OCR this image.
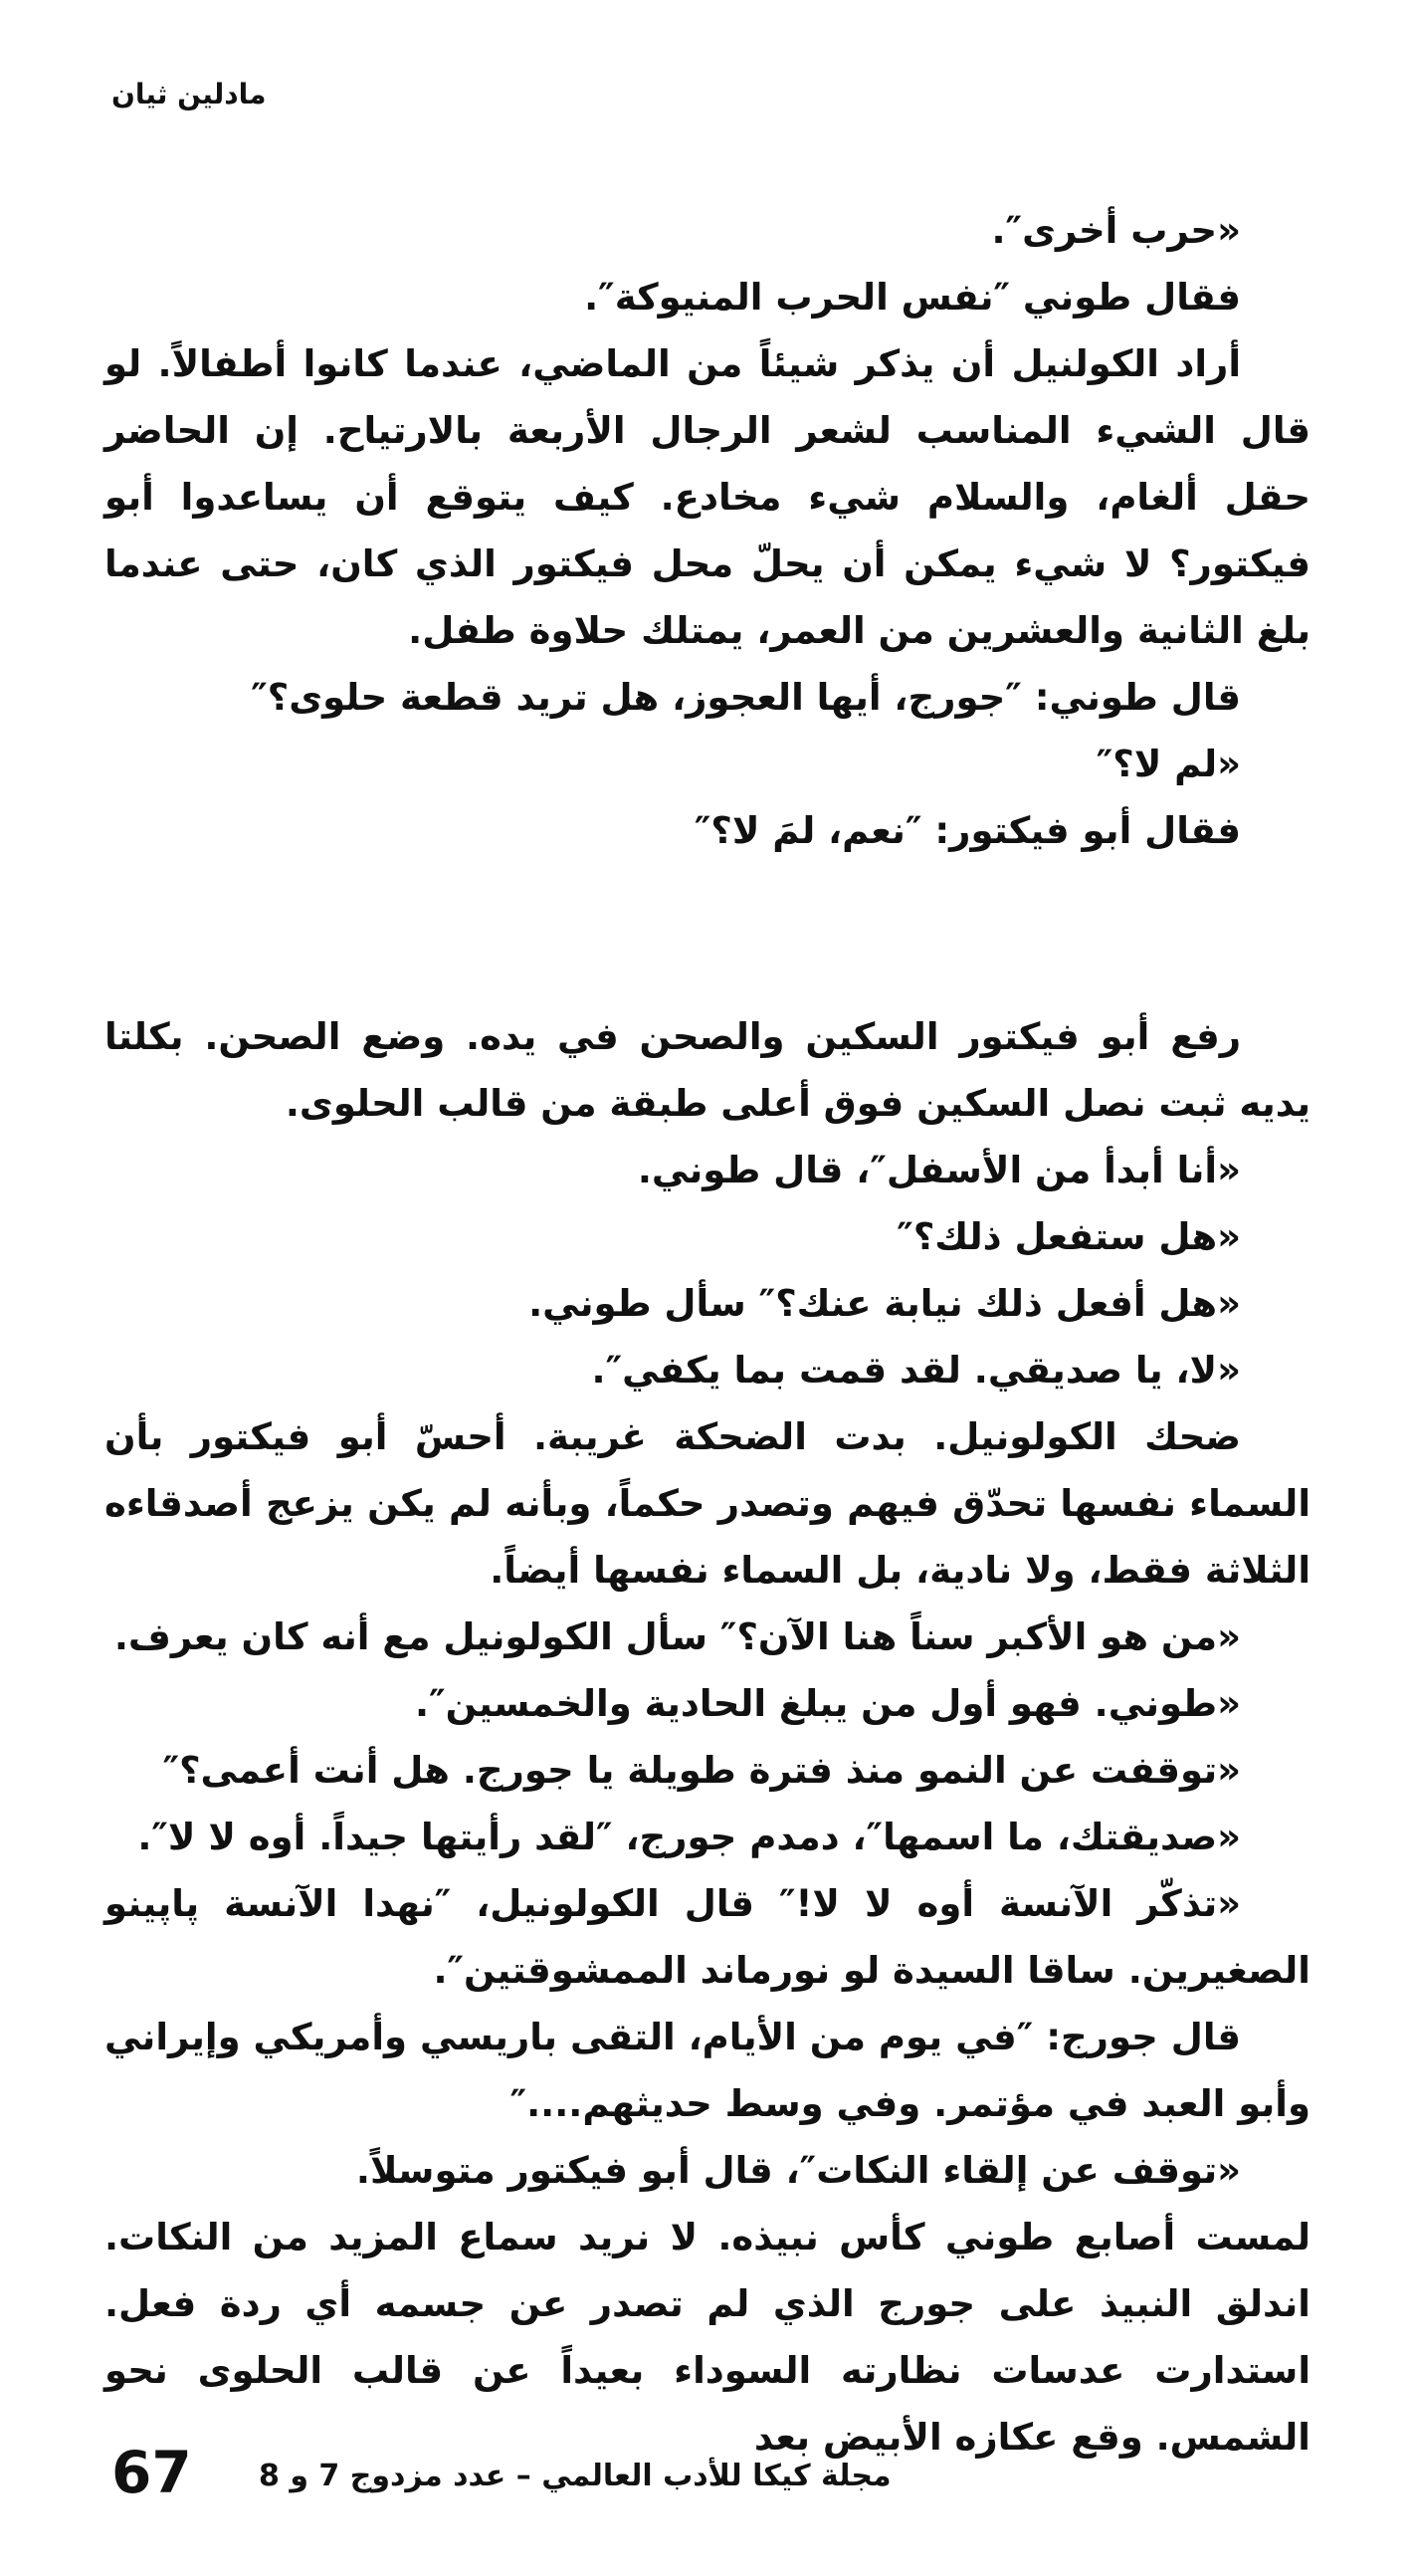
مادلين ثيان

«حرب أخرى″.

فقال طوني ″نفس الحرب المنيوكة″.

أراد الكولنيل أن يذكر شيئاً من الماضي، عندما كانوا أطفالاً. لو قال الشيء المناسب لشعر الرجال الأربعة بالارتياح. إن الحاضر حقل ألغام، والسلام شيء مخادع. كيف يتوقع أن يساعدوا أبو فيكتور؟ لا شيء يمكن أن يحلّ محل فيكتور الذي كان، حتى عندما بلغ الثانية والعشرين من العمر، يمتلك حلاوة طفل.

قال طوني: ″جورج، أيها العجوز، هل تريد قطعة حلوى؟″

«لم لا؟″

فقال أبو فيكتور: ″نعم، لمَ لا؟″

رفع أبو فيكتور السكين والصحن في يده. وضع الصحن. بكلتا يديه ثبت نصل السكين فوق أعلى طبقة من قالب الحلوى.

«أنا أبدأ من الأسفل″، قال طوني.

«هل ستفعل ذلك؟″

«هل أفعل ذلك نيابة عنك؟″ سأل طوني.

«لا، يا صديقي. لقد قمت بما يكفي″.

ضحك الكولونيل. بدت الضحكة غريبة. أحسّ أبو فيكتور بأن السماء نفسها تحدّق فيهم وتصدر حكماً، وبأنه لم يكن يزعج أصدقاءه الثلاثة فقط، ولا نادية، بل السماء نفسها أيضاً.

«من هو الأكبر سناً هنا الآن؟″ سأل الكولونيل مع أنه كان يعرف.

«طوني. فهو أول من يبلغ الحادية والخمسين″.

«توقفت عن النمو منذ فترة طويلة يا جورج. هل أنت أعمى؟″

«صديقتك، ما اسمها″، دمدم جورج، ″لقد رأيتها جيداً. أوه لا لا″.

«تذكّر الآنسة أوه لا لا!″ قال الكولونيل، ″نهدا الآنسة پاپينو الصغيرين. ساقا السيدة لو نورماند الممشوقتين″.

قال جورج: ″في يوم من الأيام، التقى باريسي وأمريكي وإيراني وأبو العبد في مؤتمر. وفي وسط حديثهم....″

«توقف عن إلقاء النكات″، قال أبو فيكتور متوسلاً.

لمست أصابع طوني كأس نبيذه. لا نريد سماع المزيد من النكات. اندلق النبيذ على جورج الذي لم تصدر عن جسمه أي ردة فعل. استدارت عدسات نظارته السوداء بعيداً عن قالب الحلوى نحو الشمس. وقع عكازه الأبيض بعد

67 مجلة كيكا للأدب العالمي – عدد مزدوج 7 و 8
